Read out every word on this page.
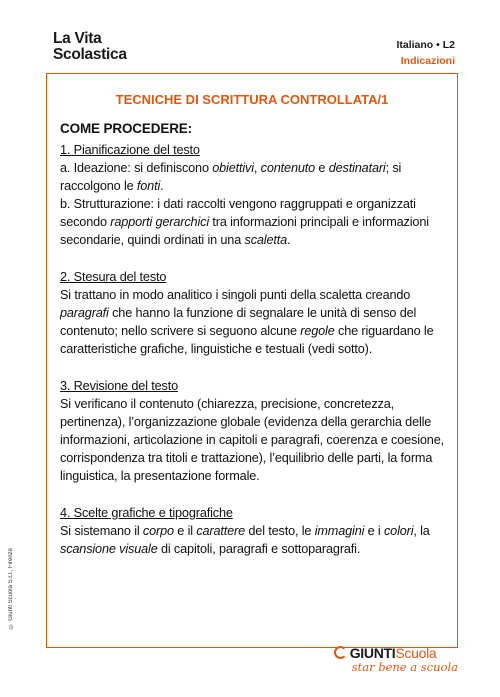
La Vita
Scolastica
Italiano • L2
Indicazioni
TECNICHE DI SCRITTURA CONTROLLATA/1
COME PROCEDERE:
1. Pianificazione del testo

a. Ideazione: si definiscono obiettivi, contenuto e destinatari; si raccolgono le fonti.

b. Strutturazione: i dati raccolti vengono raggruppati e organizzati secondo rapporti gerarchici tra informazioni principali e informazioni secondarie, quindi ordinati in una scaletta.

2. Stesura del testo

Si trattano in modo analitico i singoli punti della scaletta creando paragrafi che hanno la funzione di segnalare le unità di senso del contenuto; nello scrivere si seguono alcune regole che riguardano le caratteristiche grafiche, linguistiche e testuali (vedi sotto).

3. Revisione del testo

Si verificano il contenuto (chiarezza, precisione, concretezza, pertinenza), l’organizzazione globale (evidenza della gerarchia delle informazioni, articolazione in capitoli e paragrafi, coerenza e coesione, corrispondenza tra titoli e trattazione), l’equilibrio delle parti, la forma linguistica, la presentazione formale.

4. Scelte grafiche e tipografiche

Si sistemano il corpo e il carattere del testo, le immagini e i colori, la scansione visuale di capitoli, paragrafi e sottoparagrafi.

© Giunti Scuola S.r.l., Firenze
GIUNTIScuola
star bene a scuola
